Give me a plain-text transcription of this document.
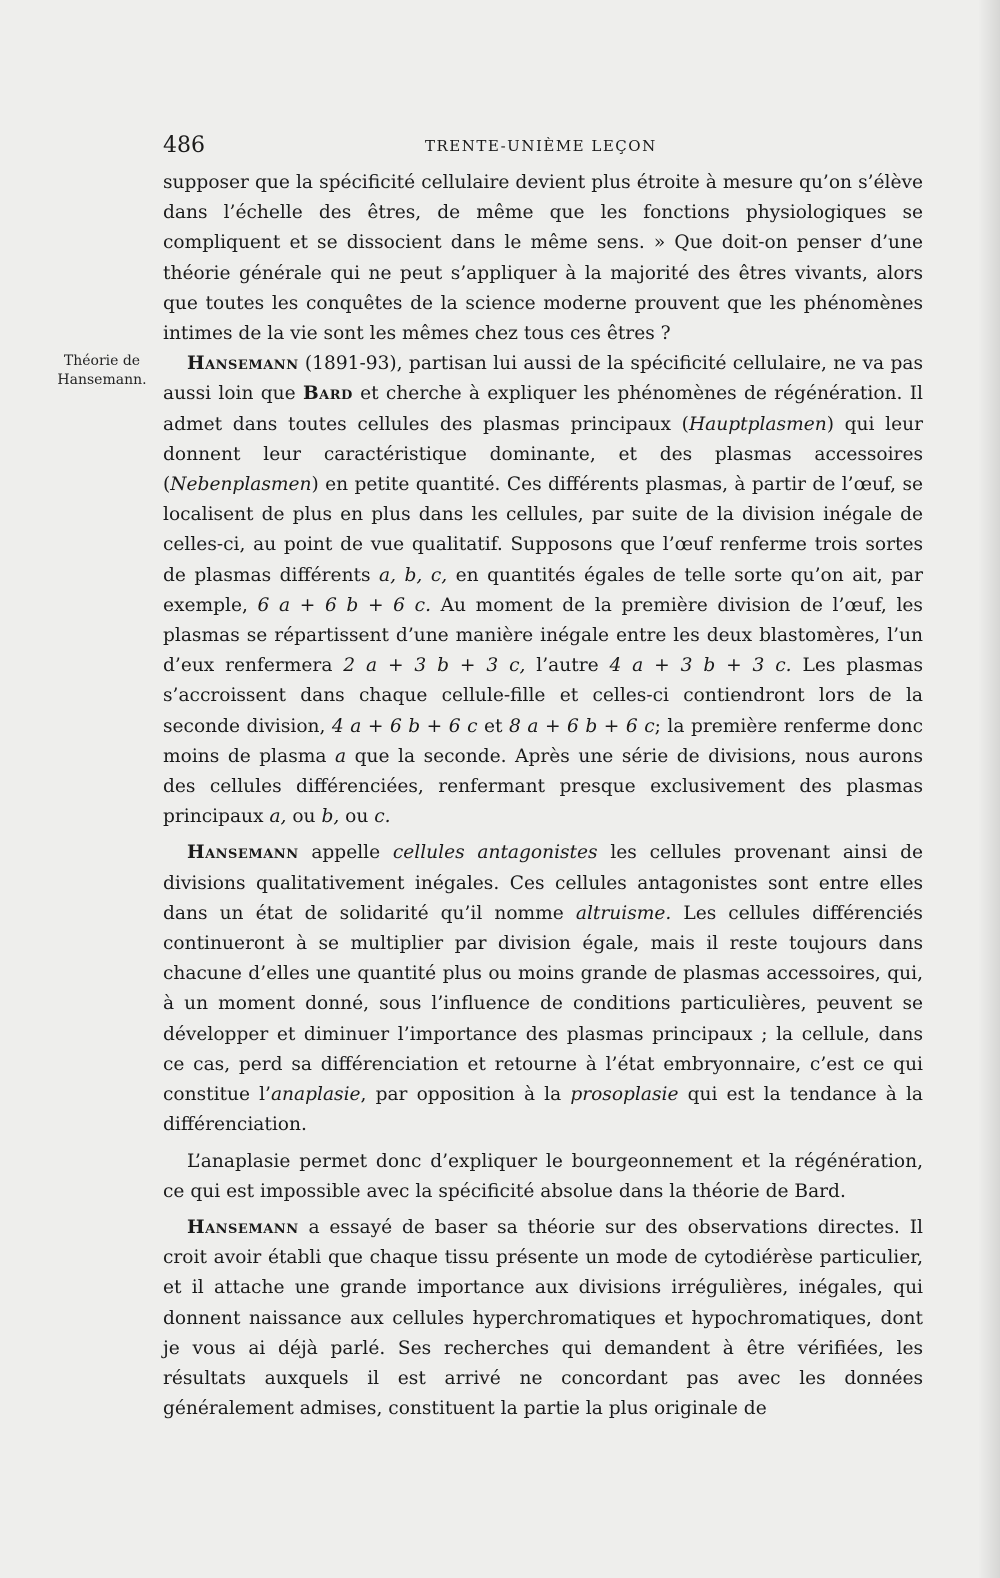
486	TRENTE-UNIÈME LEÇON
Théorie de
Hansemann.

supposer que la spécificité cellulaire devient plus étroite à mesure qu’on s’élève dans l’échelle des êtres, de même que les fonctions physiologiques se compliquent et se dissocient dans le même sens. » Que doit-on penser d’une théorie générale qui ne peut s’appliquer à la majorité des êtres vivants, alors que toutes les conquêtes de la science moderne prouvent que les phénomènes intimes de la vie sont les mêmes chez tous ces êtres ?

Hansemann (1891-93), partisan lui aussi de la spécificité cellulaire, ne va pas aussi loin que Bard et cherche à expliquer les phénomènes de régénération. Il admet dans toutes cellules des plasmas principaux (Hauptplasmen) qui leur donnent leur caractéristique dominante, et des plasmas accessoires (Nebenplasmen) en petite quantité. Ces différents plasmas, à partir de l’œuf, se localisent de plus en plus dans les cellules, par suite de la division inégale de celles-ci, au point de vue qualitatif. Supposons que l’œuf renferme trois sortes de plasmas différents a, b, c, en quantités égales de telle sorte qu’on ait, par exemple, 6 a + 6 b + 6 c. Au moment de la première division de l’œuf, les plasmas se répartissent d’une manière inégale entre les deux blastomères, l’un d’eux renfermera 2 a + 3 b + 3 c, l’autre 4 a + 3 b + 3 c. Les plasmas s’accroissent dans chaque cellule-fille et celles-ci contiendront lors de la seconde division, 4 a + 6 b + 6 c et 8 a + 6 b + 6 c; la première renferme donc moins de plasma a que la seconde. Après une série de divisions, nous aurons des cellules différenciées, renfermant presque exclusivement des plasmas principaux a, ou b, ou c.

Hansemann appelle cellules antagonistes les cellules provenant ainsi de divisions qualitativement inégales. Ces cellules antagonistes sont entre elles dans un état de solidarité qu’il nomme altruisme. Les cellules différenciés continueront à se multiplier par division égale, mais il reste toujours dans chacune d’elles une quantité plus ou moins grande de plasmas accessoires, qui, à un moment donné, sous l’influence de conditions particulières, peuvent se développer et diminuer l’importance des plasmas principaux ; la cellule, dans ce cas, perd sa différenciation et retourne à l’état embryonnaire, c’est ce qui constitue l’anaplasie, par opposition à la prosoplasie qui est la tendance à la différenciation.

L’anaplasie permet donc d’expliquer le bourgeonnement et la régénération, ce qui est impossible avec la spécificité absolue dans la théorie de Bard.

Hansemann a essayé de baser sa théorie sur des observations directes. Il croit avoir établi que chaque tissu présente un mode de cytodiérèse particulier, et il attache une grande importance aux divisions irrégulières, inégales, qui donnent naissance aux cellules hyperchromatiques et hypochromatiques, dont je vous ai déjà parlé. Ses recherches qui demandent à être vérifiées, les résultats auxquels il est arrivé ne concordant pas avec les données généralement admises, constituent la partie la plus originale de
